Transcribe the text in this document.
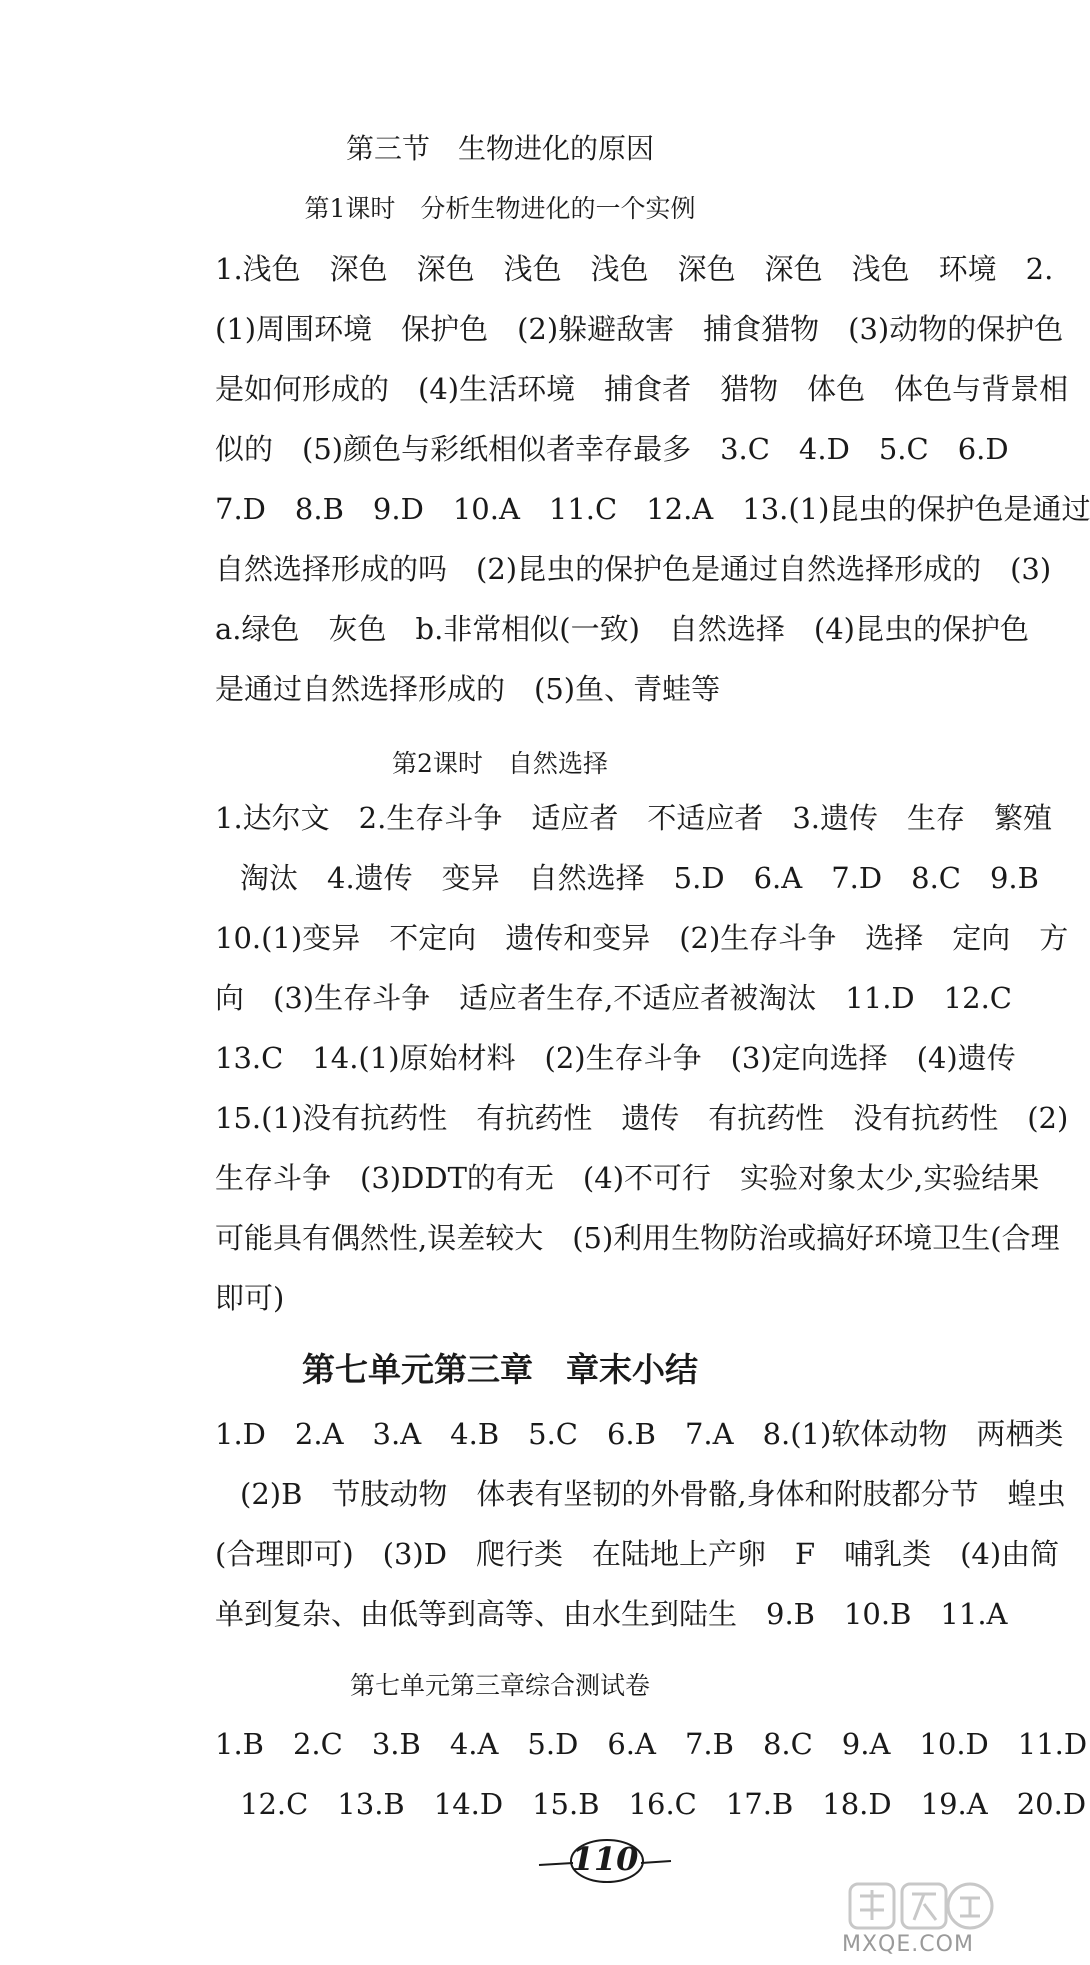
第三节　生物进化的原因
第1课时　分析生物进化的一个实例
1.浅色　深色　深色　浅色　浅色　深色　深色　浅色　环境　2.
(1)周围环境　保护色　(2)躲避敌害　捕食猎物　(3)动物的保护色
是如何形成的　(4)生活环境　捕食者　猎物　体色　体色与背景相
似的　(5)颜色与彩纸相似者幸存最多　3.C　4.D　5.C　6.D
7.D　8.B　9.D　10.A　11.C　12.A　13.(1)昆虫的保护色是通过
自然选择形成的吗　(2)昆虫的保护色是通过自然选择形成的　(3)
a.绿色　灰色　b.非常相似(一致)　自然选择　(4)昆虫的保护色
是通过自然选择形成的　(5)鱼、青蛙等
第2课时　自然选择
1.达尔文　2.生存斗争　适应者　不适应者　3.遗传　生存　繁殖
淘汰　4.遗传　变异　自然选择　5.D　6.A　7.D　8.C　9.B
10.(1)变异　不定向　遗传和变异　(2)生存斗争　选择　定向　方
向　(3)生存斗争　适应者生存,不适应者被淘汰　11.D　12.C
13.C　14.(1)原始材料　(2)生存斗争　(3)定向选择　(4)遗传
15.(1)没有抗药性　有抗药性　遗传　有抗药性　没有抗药性　(2)
生存斗争　(3)DDT的有无　(4)不可行　实验对象太少,实验结果
可能具有偶然性,误差较大　(5)利用生物防治或搞好环境卫生(合理
即可)
第七单元第三章　章末小结
1.D　2.A　3.A　4.B　5.C　6.B　7.A　8.(1)软体动物　两栖类
(2)B　节肢动物　体表有坚韧的外骨骼,身体和附肢都分节　蝗虫
(合理即可)　(3)D　爬行类　在陆地上产卵　F　哺乳类　(4)由简
单到复杂、由低等到高等、由水生到陆生　9.B　10.B　11.A
第七单元第三章综合测试卷
1.B　2.C　3.B　4.A　5.D　6.A　7.B　8.C　9.A　10.D　11.D
12.C　13.B　14.D　15.B　16.C　17.B　18.D　19.A　20.D
110
MXQE.COM
